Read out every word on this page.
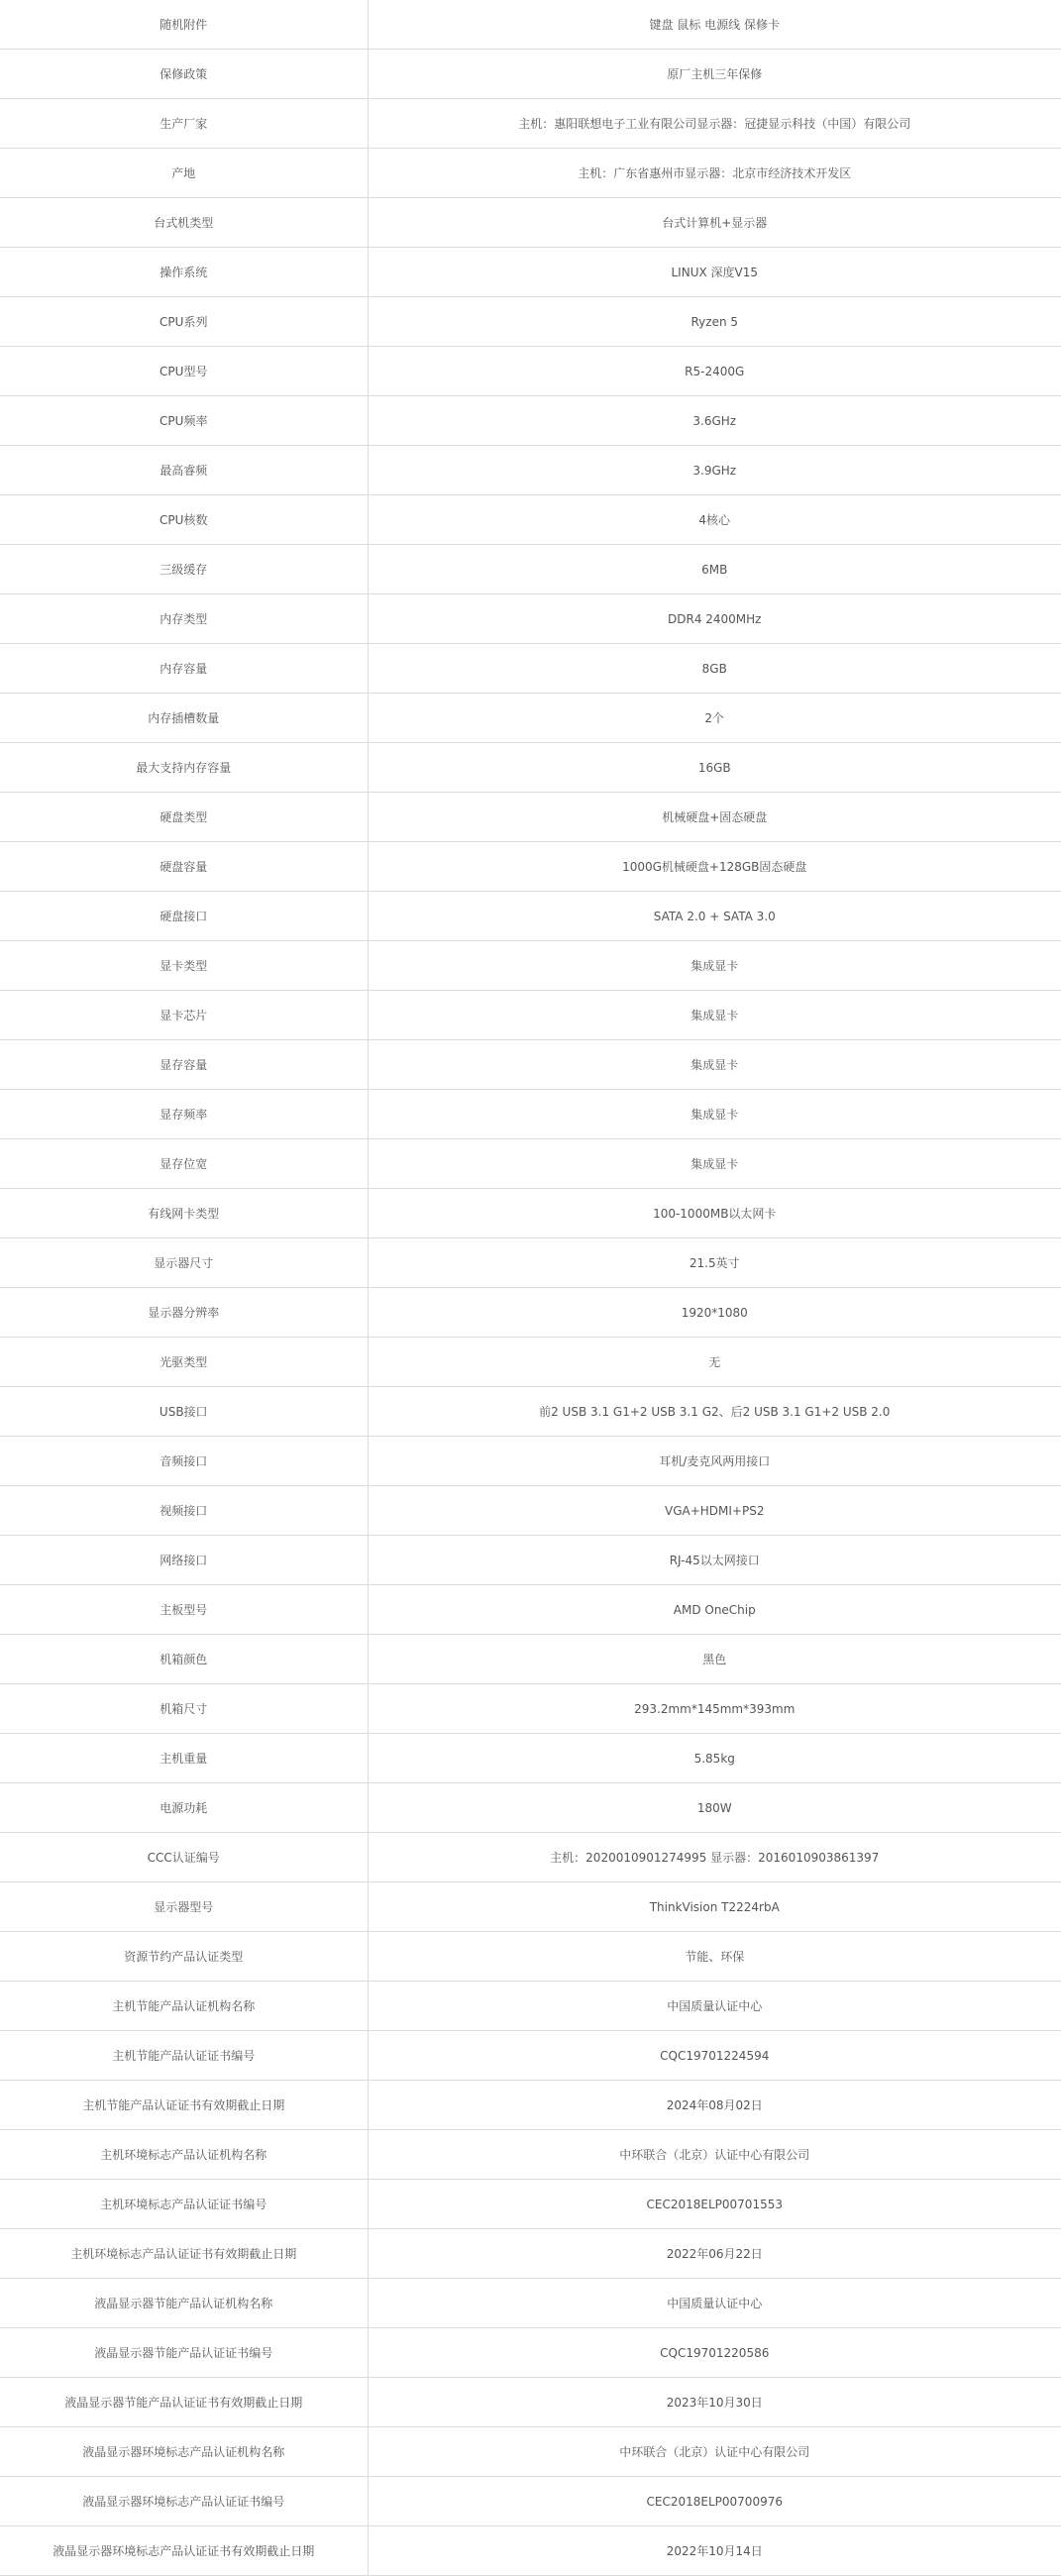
随机附件	键盘 鼠标 电源线 保修卡
保修政策	原厂主机三年保修
生产厂家	主机：惠阳联想电子工业有限公司显示器：冠捷显示科技（中国）有限公司
产地	主机：广东省惠州市显示器：北京市经济技术开发区
台式机类型	台式计算机+显示器
操作系统	LINUX 深度V15
CPU系列	Ryzen 5
CPU型号	R5-2400G
CPU频率	3.6GHz
最高睿频	3.9GHz
CPU核数	4核心
三级缓存	6MB
内存类型	DDR4 2400MHz
内存容量	8GB
内存插槽数量	2个
最大支持内存容量	16GB
硬盘类型	机械硬盘+固态硬盘
硬盘容量	1000G机械硬盘+128GB固态硬盘
硬盘接口	SATA 2.0 + SATA 3.0
显卡类型	集成显卡
显卡芯片	集成显卡
显存容量	集成显卡
显存频率	集成显卡
显存位宽	集成显卡
有线网卡类型	100-1000MB以太网卡
显示器尺寸	21.5英寸
显示器分辨率	1920*1080
光驱类型	无
USB接口	前2 USB 3.1 G1+2 USB 3.1 G2、后2 USB 3.1 G1+2 USB 2.0
音频接口	耳机/麦克风两用接口
视频接口	VGA+HDMI+PS2
网络接口	RJ-45以太网接口
主板型号	AMD OneChip
机箱颜色	黑色
机箱尺寸	293.2mm*145mm*393mm
主机重量	5.85kg
电源功耗	180W
CCC认证编号	主机：2020010901274995 显示器：2016010903861397
显示器型号	ThinkVision T2224rbA
资源节约产品认证类型	节能、环保
主机节能产品认证机构名称	中国质量认证中心
主机节能产品认证证书编号	CQC19701224594
主机节能产品认证证书有效期截止日期	2024年08月02日
主机环境标志产品认证机构名称	中环联合（北京）认证中心有限公司
主机环境标志产品认证证书编号	CEC2018ELP00701553
主机环境标志产品认证证书有效期截止日期	2022年06月22日
液晶显示器节能产品认证机构名称	中国质量认证中心
液晶显示器节能产品认证证书编号	CQC19701220586
液晶显示器节能产品认证证书有效期截止日期	2023年10月30日
液晶显示器环境标志产品认证机构名称	中环联合（北京）认证中心有限公司
液晶显示器环境标志产品认证证书编号	CEC2018ELP00700976
液晶显示器环境标志产品认证证书有效期截止日期	2022年10月14日
